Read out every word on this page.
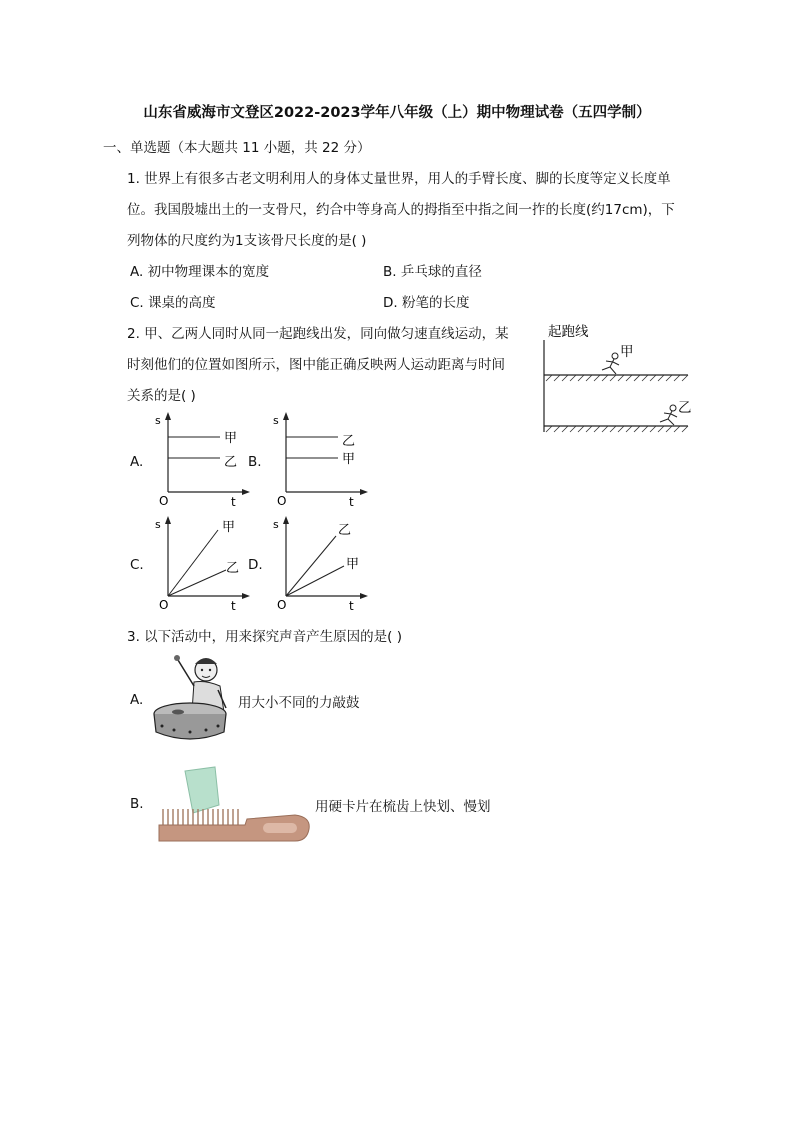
山东省威海市文登区2022-2023学年八年级（上）期中物理试卷（五四学制）
一、单选题（本大题共 11 小题，共 22 分）
1. 世界上有很多古老文明利用人的身体丈量世界，用人的手臂长度、脚的长度等定义长度单
位。我国殷墟出土的一支骨尺，约合中等身高人的拇指至中指之间一拃的长度(约17cm)，下
列物体的尺度约为1支该骨尺长度的是( )
A. 初中物理课本的宽度	B. 乒乓球的直径
C. 课桌的高度	D. 粉笔的长度
2. 甲、乙两人同时从同一起跑线出发，同向做匀速直线运动，某
时刻他们的位置如图所示，图中能正确反映两人运动距离与时间
关系的是( )
起跑线
甲
乙
A.
s
O	t
甲
乙 B.
s
O	t
乙
甲
C.
s
O	t
甲
乙 D.
s
O	t
乙
甲
3. 以下活动中，用来探究声音产生原因的是( )
A.	用大小不同的力敲鼓
B.	用硬卡片在梳齿上快划、慢划
